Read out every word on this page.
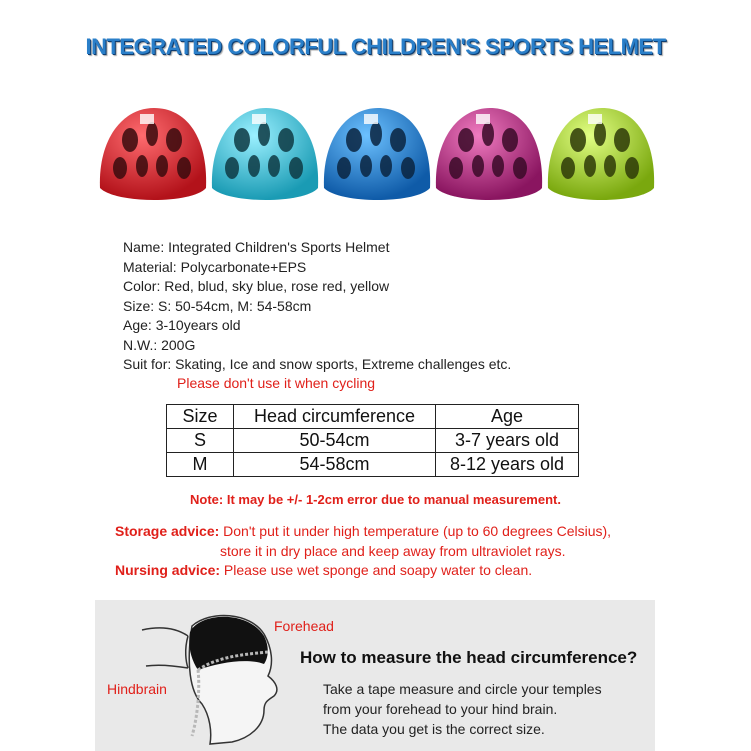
INTEGRATED COLORFUL CHILDREN'S SPORTS HELMET
Name: Integrated Children's Sports Helmet
Material: Polycarbonate+EPS
Color: Red, blud, sky blue, rose red, yellow
Size: S: 50-54cm, M: 54-58cm
Age: 3-10years old
N.W.: 200G
Suit for: Skating, Ice and snow sports, Extreme challenges etc.
Please don't use it when cycling
Size	Head circumference	Age
S	50-54cm	3-7 years old
M	54-58cm	8-12 years old
Note: It may be +/- 1-2cm error due to manual measurement.
Storage advice: Don't put it under high temperature (up to 60 degrees Celsius),
store it in dry place and keep away from ultraviolet rays.
Nursing advice: Please use wet sponge and soapy water to clean.
Forehead
Hindbrain
How to measure the head circumference?
Take a tape measure and circle your temples
from your forehead to your hind brain.
The data you get is the correct size.
